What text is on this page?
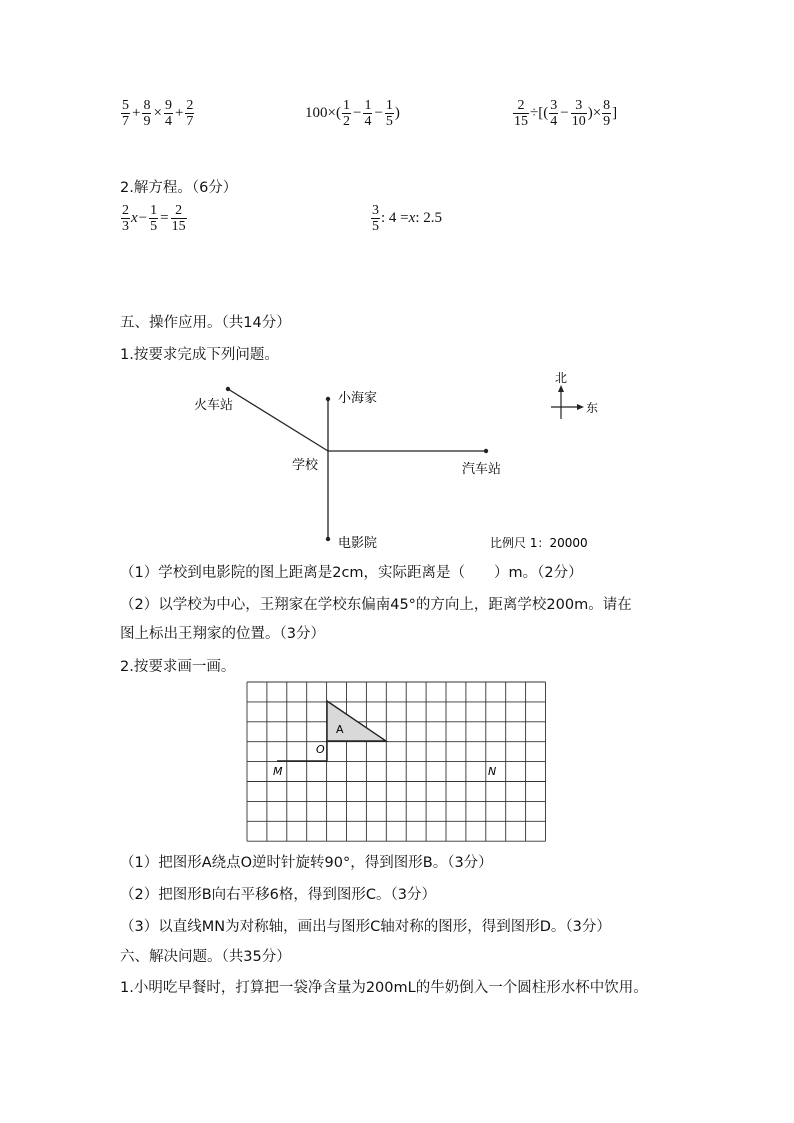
$\frac{5}{7} + \frac{8}{9} \times \frac{9}{4} + \frac{2}{7}$	$100\times( \frac{1}{2} - \frac{1}{4} - \frac{1}{5}$ )	$\frac{2}{15}$ ÷[( $\frac{3}{4} - \frac{3}{10}$ )× $\frac{8}{9}$ ]
2.解方程。（6分）
$\frac{2}{3}$ $x - \frac{1}{5} = \frac{2}{15}$	$\frac{3}{5}$ : 4 = x : 2.5
五、操作应用。（共14分）
1.按要求完成下列问题。
火车站	小海家
学校	汽车站
电影院
北
东
比例尺 1：20000
（1）学校到电影院的图上距离是2cm，实际距离是（　　）m。（2分）
（2）以学校为中心，王翔家在学校东偏南45°的方向上，距离学校200m。请在
图上标出王翔家的位置。（3分）
2.按要求画一画。
A
O
M	N
（1）把图形A绕点O逆时针旋转90°，得到图形B。（3分）
（2）把图形B向右平移6格，得到图形C。（3分）
（3）以直线MN为对称轴，画出与图形C轴对称的图形，得到图形D。（3分）
六、解决问题。（共35分）
1.小明吃早餐时，打算把一袋净含量为200mL的牛奶倒入一个圆柱形水杯中饮用。
